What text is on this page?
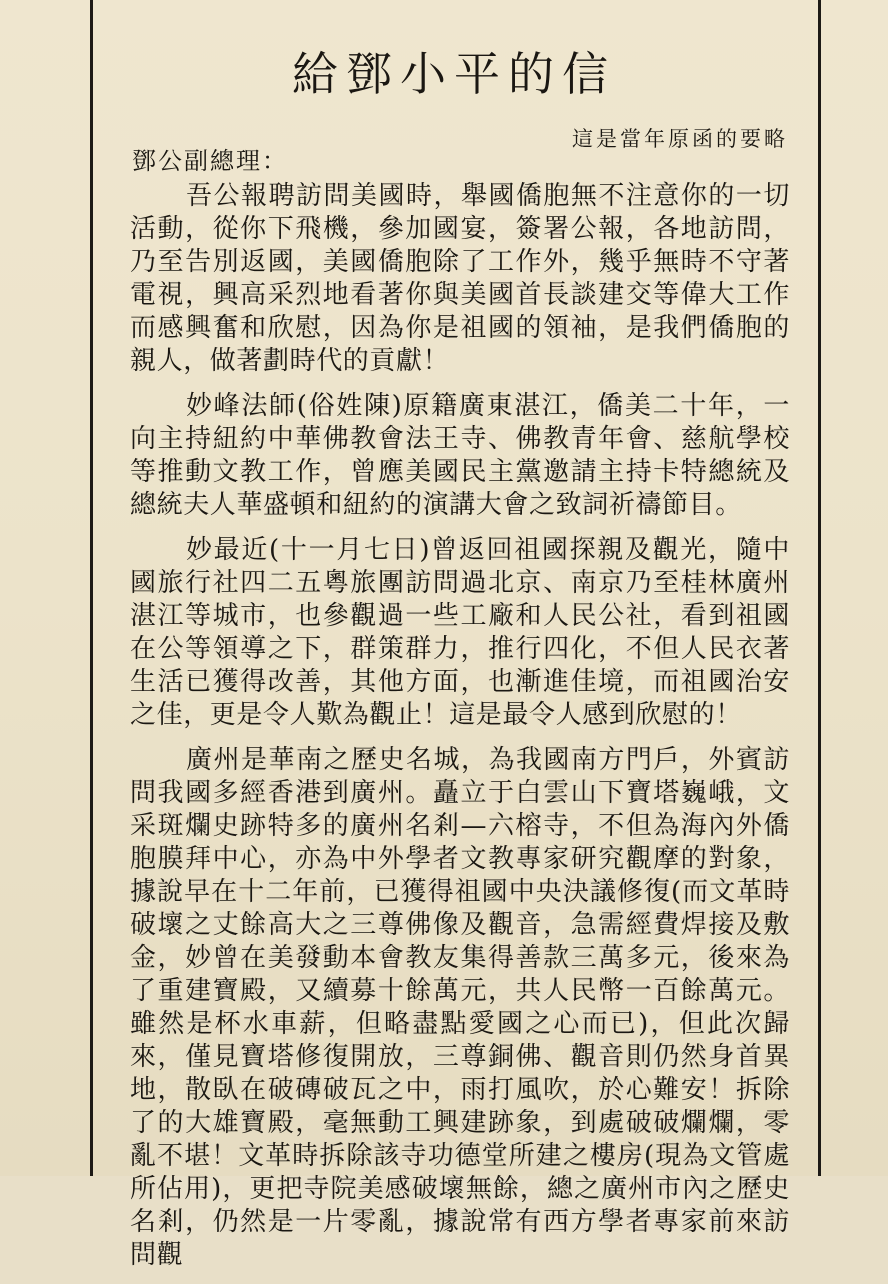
給鄧小平的信
這是當年原函的要略
鄧公副總理：

吾公報聘訪問美國時，舉國僑胞無不注意你的一切活動，從你下飛機，參加國宴，簽署公報，各地訪問，乃至告別返國，美國僑胞除了工作外，幾乎無時不守著電視，興高采烈地看著你與美國首長談建交等偉大工作而感興奮和欣慰，因為你是祖國的領袖，是我們僑胞的親人，做著劃時代的貢獻！

妙峰法師(俗姓陳)原籍廣東湛江，僑美二十年，一向主持紐約中華佛教會法王寺、佛教青年會、慈航學校等推動文教工作，曾應美國民主黨邀請主持卡特總統及總統夫人華盛頓和紐約的演講大會之致詞祈禱節目。

妙最近(十一月七日)曾返回祖國探親及觀光，隨中國旅行社四二五粵旅團訪問過北京、南京乃至桂林廣州湛江等城市，也參觀過一些工廠和人民公社，看到祖國在公等領導之下，群策群力，推行四化，不但人民衣著生活已獲得改善，其他方面，也漸進佳境，而祖國治安之佳，更是令人歎為觀止！這是最令人感到欣慰的！

廣州是華南之歷史名城，為我國南方門戶，外賓訪問我國多經香港到廣州。矗立于白雲山下寶塔巍峨，文采斑爛史跡特多的廣州名剎—六榕寺，不但為海內外僑胞膜拜中心，亦為中外學者文教專家研究觀摩的對象，據說早在十二年前，已獲得祖國中央決議修復(而文革時破壞之丈餘高大之三尊佛像及觀音，急需經費焊接及敷金，妙曾在美發動本會教友集得善款三萬多元，後來為了重建寶殿，又續募十餘萬元，共人民幣一百餘萬元。雖然是杯水車薪，但略盡點愛國之心而已)，但此次歸來，僅見寶塔修復開放，三尊銅佛、觀音則仍然身首異地，散臥在破磚破瓦之中，雨打風吹，於心難安！拆除了的大雄寶殿，毫無動工興建跡象，到處破破爛爛，零亂不堪！文革時拆除該寺功德堂所建之樓房(現為文管處所佔用)，更把寺院美感破壞無餘，總之廣州市內之歷史名剎，仍然是一片零亂，據說常有西方學者專家前來訪問觀
